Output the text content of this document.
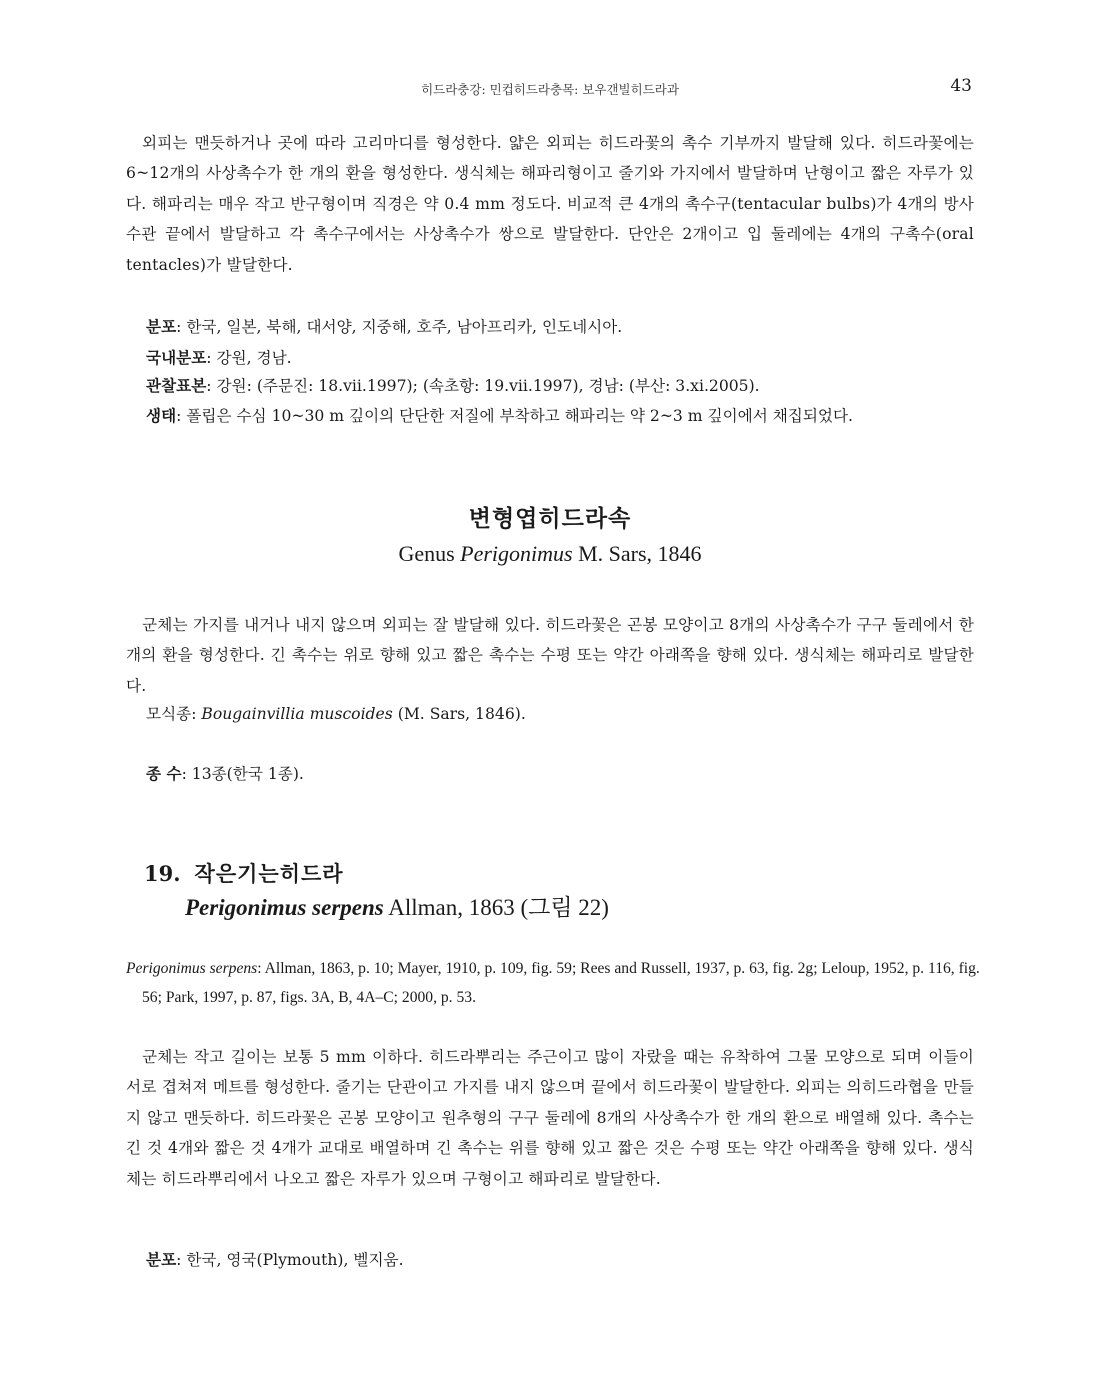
히드라충강: 민컵히드라충목: 보우갠빌히드라과	43

외피는 맨듯하거나 곳에 따라 고리마디를 형성한다. 얇은 외피는 히드라꽃의 촉수 기부까지 발달해 있다. 히드라꽃에는 6~12개의 사상촉수가 한 개의 환을 형성한다. 생식체는 해파리형이고 줄기와 가지에서 발달하며 난형이고 짧은 자루가 있다. 해파리는 매우 작고 반구형이며 직경은 약 0.4 mm 정도다. 비교적 큰 4개의 촉수구(tentacular bulbs)가 4개의 방사수관 끝에서 발달하고 각 촉수구에서는 사상촉수가 쌍으로 발달한다. 단안은 2개이고 입 둘레에는 4개의 구촉수(oral tentacles)가 발달한다.

분포: 한국, 일본, 북해, 대서양, 지중해, 호주, 남아프리카, 인도네시아.
국내분포: 강원, 경남.
관찰표본: 강원: (주문진: 18.vii.1997); (속초항: 19.vii.1997), 경남: (부산: 3.xi.2005).
생태: 폴립은 수심 10~30 m 깊이의 단단한 저질에 부착하고 해파리는 약 2~3 m 깊이에서 채집되었다.
변형엽히드라속
Genus Perigonimus M. Sars, 1846

군체는 가지를 내거나 내지 않으며 외피는 잘 발달해 있다. 히드라꽃은 곤봉 모양이고 8개의 사상촉수가 구구 둘레에서 한 개의 환을 형성한다. 긴 촉수는 위로 향해 있고 짧은 촉수는 수평 또는 약간 아래쪽을 향해 있다. 생식체는 해파리로 발달한다.

모식종: Bougainvillia muscoides (M. Sars, 1846).

종 수: 13종(한국 1종).
19. 작은기는히드라
Perigonimus serpens Allman, 1863 (그림 22)

Perigonimus serpens: Allman, 1863, p. 10; Mayer, 1910, p. 109, fig. 59; Rees and Russell, 1937, p. 63, fig. 2g; Leloup, 1952, p. 116, fig. 56; Park, 1997, p. 87, figs. 3A, B, 4A–C; 2000, p. 53.

군체는 작고 길이는 보통 5 mm 이하다. 히드라뿌리는 주근이고 많이 자랐을 때는 유착하여 그물 모양으로 되며 이들이 서로 겹쳐져 메트를 형성한다. 줄기는 단관이고 가지를 내지 않으며 끝에서 히드라꽃이 발달한다. 외피는 의히드라협을 만들지 않고 맨듯하다. 히드라꽃은 곤봉 모양이고 원추형의 구구 둘레에 8개의 사상촉수가 한 개의 환으로 배열해 있다. 촉수는 긴 것 4개와 짧은 것 4개가 교대로 배열하며 긴 촉수는 위를 향해 있고 짧은 것은 수평 또는 약간 아래쪽을 향해 있다. 생식체는 히드라뿌리에서 나오고 짧은 자루가 있으며 구형이고 해파리로 발달한다.

분포: 한국, 영국(Plymouth), 벨지움.
